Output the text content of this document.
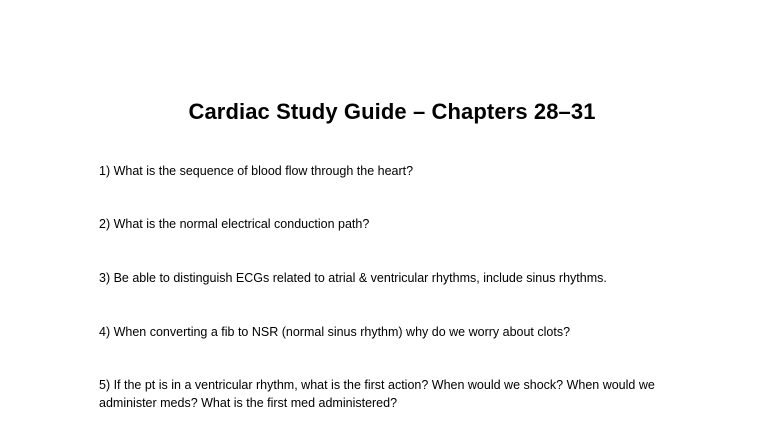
Cardiac Study Guide – Chapters 28–31

1) What is the sequence of blood flow through the heart?

2) What is the normal electrical conduction path?

3) Be able to distinguish ECGs related to atrial & ventricular rhythms, include sinus rhythms.

4) When converting a fib to NSR (normal sinus rhythm) why do we worry about clots?

5) If the pt is in a ventricular rhythm, what is the first action? When would we shock? When would we administer meds? What is the first med administered?
